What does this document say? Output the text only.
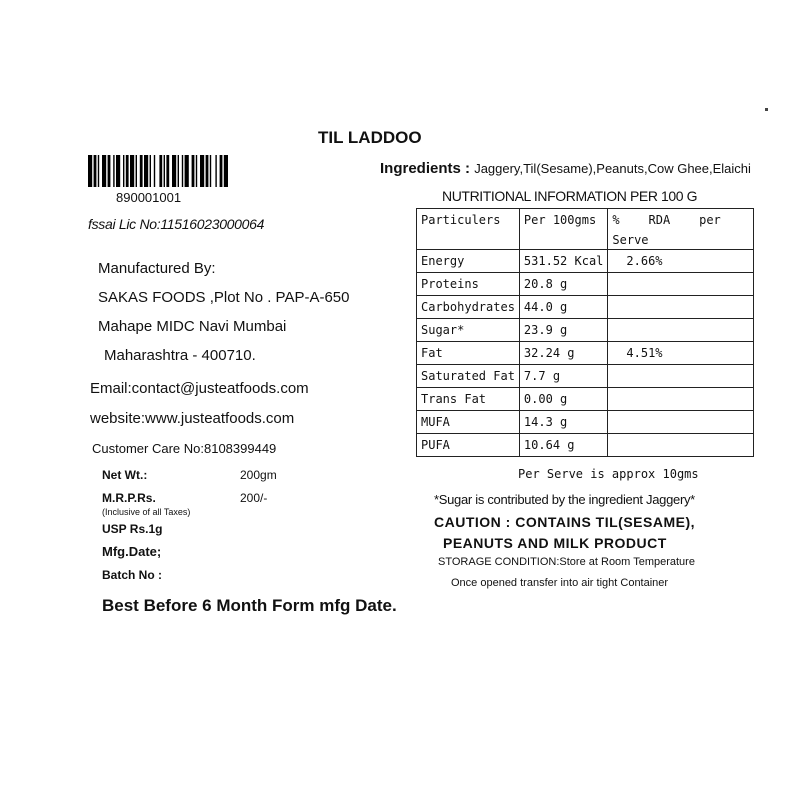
TIL LADDOO
890001001
fssai Lic No:11516023000064
Manufactured By:
SAKAS FOODS ,Plot No . PAP-A-650
Mahape MIDC Navi Mumbai
Maharashtra - 400710.
Email:contact@justeatfoods.com
website:www.justeatfoods.com
Customer Care No:8108399449
Net Wt.:	200gm
M.R.P.Rs.	200/-
(Inclusive of all Taxes)
USP Rs.1g
Mfg.Date;
Batch No :
Best Before 6 Month Form mfg Date.
Ingredients : Jaggery,Til(Sesame),Peanuts,Cow Ghee,Elaichi
NUTRITIONAL INFORMATION PER 100 G
Particulers	Per 100gms	%    RDA    per
Serve

Energy	531.52 Kcal	2.66%
Proteins	20.8 g	
Carbohydrates	44.0 g	
Sugar*	23.9 g	
Fat	32.24 g	4.51%
Saturated Fat	7.7 g	
Trans Fat	0.00 g	
MUFA	14.3 g	
PUFA	10.64 g	
Per Serve is approx 10gms
*Sugar is contributed by the ingredient Jaggery*
CAUTION : CONTAINS TIL(SESAME),
PEANUTS AND MILK PRODUCT
STORAGE CONDITION:Store at Room Temperature
Once opened transfer into air tight Container
